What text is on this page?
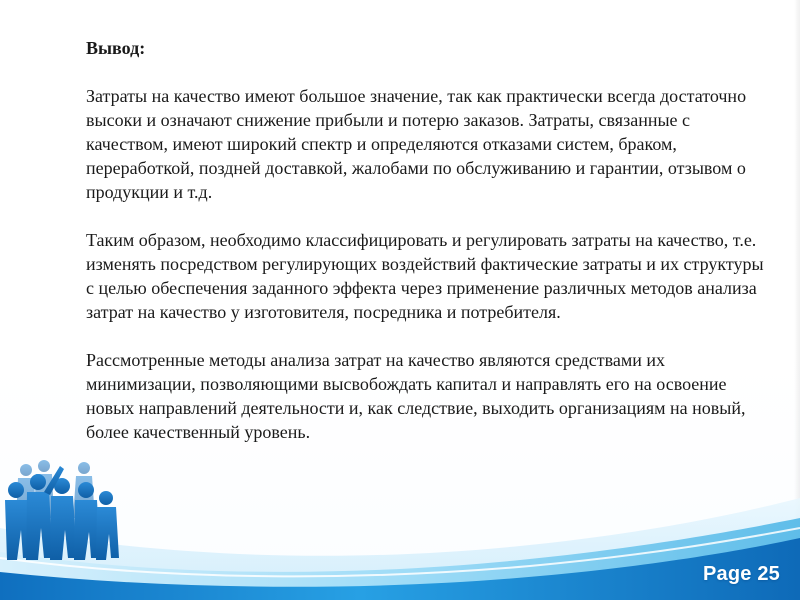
Вывод:
Затраты на качество имеют большое значение, так как практически всегда достаточно высоки и означают снижение прибыли и потерю заказов. Затраты, связанные с качеством, имеют широкий спектр и определяются отказами систем, браком, переработкой, поздней доставкой, жалобами по обслуживанию и гарантии, отзывом о продукции и т.д.
Таким образом, необходимо классифицировать и регулировать затраты на качество, т.е. изменять посредством регулирующих воздействий фактические затраты и их структуры с целью обеспечения заданного эффекта через применение различных методов анализа затрат на качество у изготовителя, посредника и потребителя.
Рассмотренные методы анализа затрат на качество являются средствами их минимизации, позволяющими высвобождать капитал и направлять его на освоение новых направлений деятельности и, как следствие, выходить организациям на новый, более качественный уровень.
Page 25
